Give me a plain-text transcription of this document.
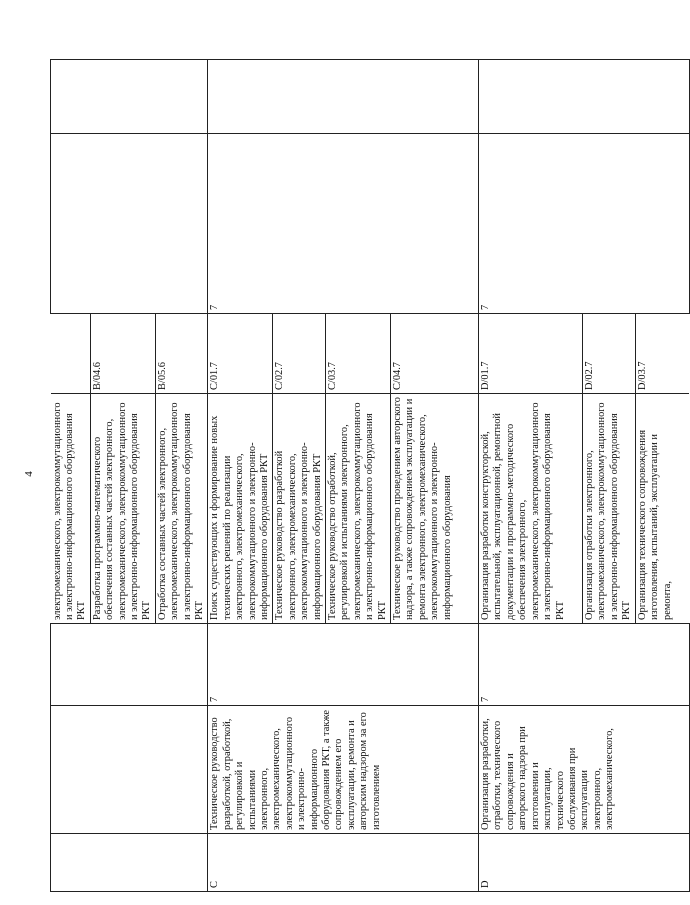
4
			электромеханического, электрокоммутационного и электронно-информационного оборудования РКТ			
			Разработка программно-математического обеспечения составных частей электронного, электромеханического, электрокоммутационного и электронно-информационного оборудования РКТ	B/04.6		
			Отработка составных частей электронного, электромеханического, электрокоммутационного и электронно-информационного оборудования РКТ	B/05.6		
C	Техническое руководство разработкой, отработкой, регулировкой и испытаниями электронного, электромеханического, электрокоммутационного и электронно-информационного оборудования РКТ, а также сопровождением его эксплуатации, ремонта и авторским надзором за его изготовлением	7	Поиск существующих и формирование новых технических решений по реализации электронного, электромеханического, электрокоммутационного и электронно-информационного оборудования РКТ	C/01.7	7	
			Техническое руководство разработкой электронного, электромеханического, электрокоммутационного и электронно-информационного оборудования РКТ	C/02.7		
			Техническое руководство отработкой, регулировкой и испытаниями электронного, электромеханического, электрокоммутационного и электронно-информационного оборудования РКТ	C/03.7		
			Техническое руководство проведением авторского надзора, а также сопровождением эксплуатации и ремонта электронного, электромеханического, электрокоммутационного и электронно-информационного оборудования	C/04.7		
D	Организация разработки, отработки, технического сопровождения и авторского надзора при изготовлении и эксплуатации, технического обслуживания при эксплуатации электронного, электромеханического,	7	Организация разработки конструкторской, испытательной, эксплуатационной, ремонтной документации и программно-методического обеспечения электронного, электромеханического, электрокоммутационного и электронно-информационного оборудования РКТ	D/01.7	7	
			Организация отработки электронного, электромеханического, электрокоммутационного и электронно-информационного оборудования РКТ	D/02.7		
			Организация технического сопровождения изготовления, испытаний, эксплуатации и ремонта,	D/03.7		
